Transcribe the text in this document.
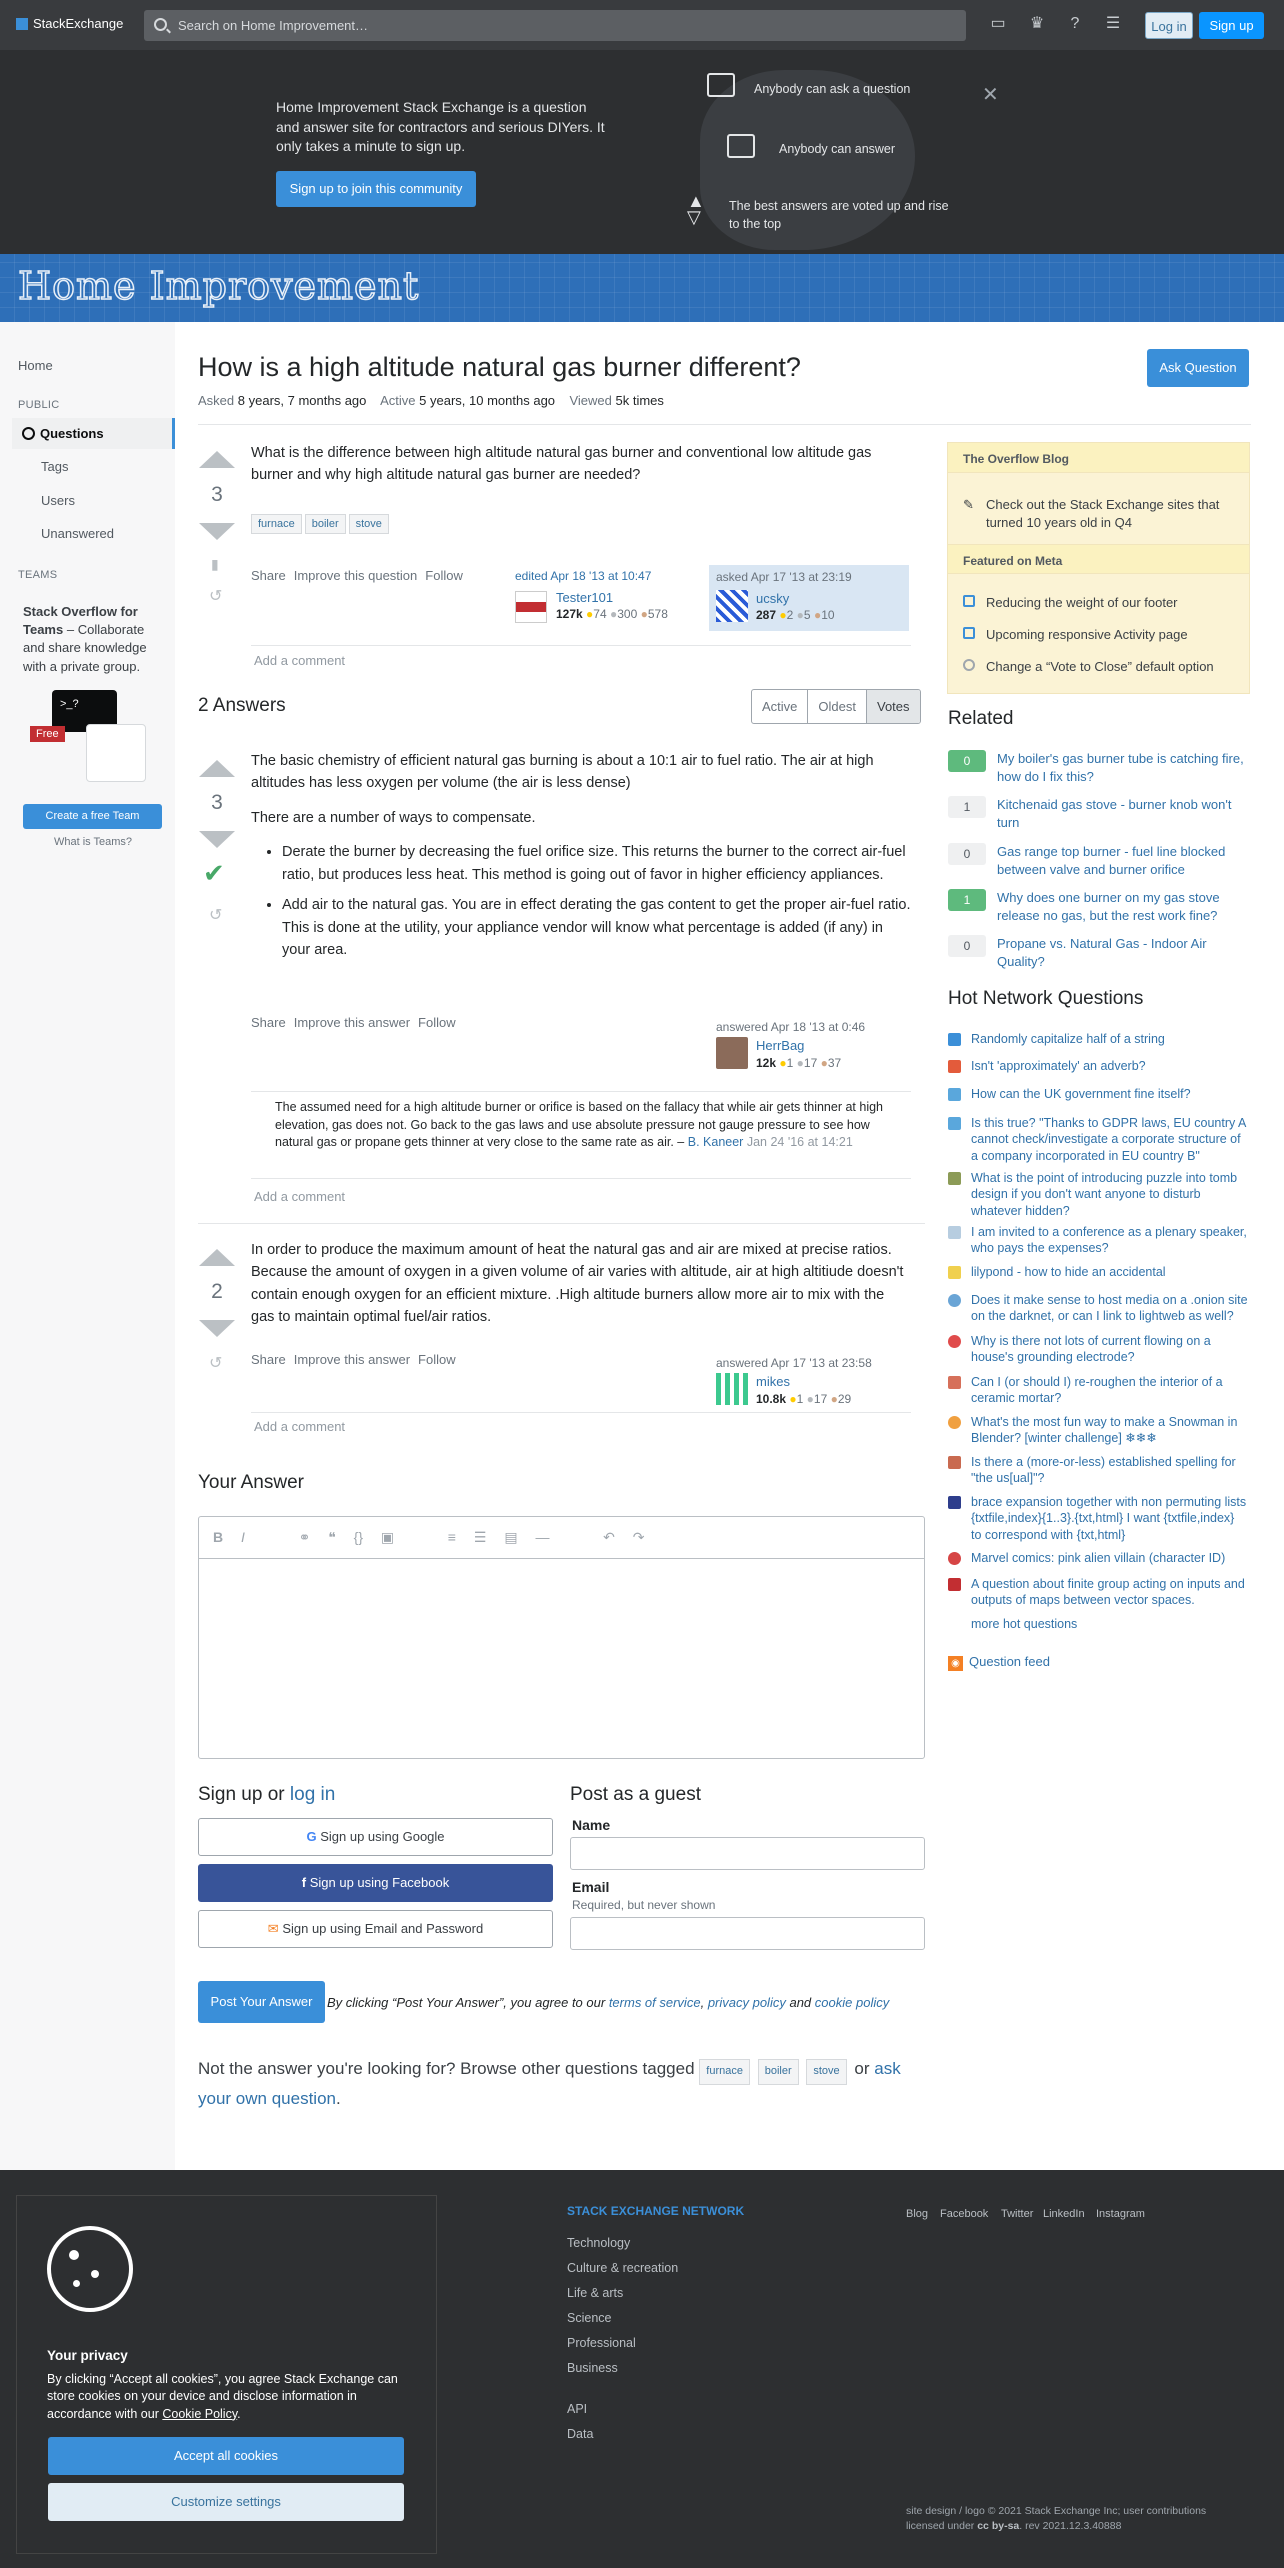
StackExchange	Search on Home Improvement…	▭ ♛	?	☰	Log in	Sign up
Home Improvement Stack Exchange is a question and answer site for contractors and serious DIYers. It only takes a minute to sign up.
Sign up to join this community
Anybody can ask a question
Anybody can answer
▲
▽
The best answers are voted up and rise to the top
✕
Home Improvement
Home
PUBLIC
Questions
Tags
Users
Unanswered
TEAMS
Stack Overflow for Teams – Collaborate and share knowledge with a private group.
>_?
Free
Create a free Team
What is Teams?
How is a high altitude natural gas burner different?	Ask Question
Asked 8 years, 7 months ago Active 5 years, 10 months ago Viewed 5k times
3
▮
↺
What is the difference between high altitude natural gas burner and conventional low altitude gas burner and why high altitude natural gas burner are needed?
furnace boiler stove
Share Improve this question Follow	edited Apr 18 '13 at 10:47
Tester101
127k ●74 ●300 ●578
asked Apr 17 '13 at 23:19
ucsky
287 ●2 ●5 ●10
Add a comment
2 Answers	Active	Oldest	Votes
3
✔
↺

The basic chemistry of efficient natural gas burning is about a 10:1 air to fuel ratio. The air at high altitudes has less oxygen per volume (the air is less dense)

There are a number of ways to compensate.

• Derate the burner by decreasing the fuel orifice size. This returns the burner to the correct air-fuel ratio, but produces less heat. This method is going out of favor in higher efficiency appliances.
• Add air to the natural gas. You are in effect derating the gas content to get the proper air-fuel ratio. This is done at the utility, your appliance vendor will know what percentage is added (if any) in your area.
Share Improve this answer Follow	answered Apr 18 '13 at 0:46
HerrBag
12k ●1 ●17 ●37
The assumed need for a high altitude burner or orifice is based on the fallacy that while air gets thinner at high elevation, gas does not. Go back to the gas laws and use absolute pressure not gauge pressure to see how natural gas or propane gets thinner at very close to the same rate as air. – B. Kaneer Jan 24 '16 at 14:21
Add a comment
2
↺
In order to produce the maximum amount of heat the natural gas and air are mixed at precise ratios. Because the amount of oxygen in a given volume of air varies with altitude, air at high altitiude doesn't contain enough oxygen for an efficient mixture. .High altitude burners allow more air to mix with the gas to maintain optimal fuel/air ratios.
Share Improve this answer Follow	answered Apr 17 '13 at 23:58
mikes
10.8k ●1 ●17 ●29
Add a comment
Your Answer
B I	⚭ ❝ {} ▣	≡ ☰ ▤ ―	↶ ↷
Sign up or log in
G Sign up using Google
f Sign up using Facebook
✉ Sign up using Email and Password
Post as a guest
Name
Email
Required, but never shown
Post Your Answer	By clicking “Post Your Answer”, you agree to our terms of service, privacy policy and cookie policy
Not the answer you're looking for? Browse other questions tagged furnace boiler stove or ask your own question.
The Overflow Blog
✎ Check out the Stack Exchange sites that turned 10 years old in Q4
Featured on Meta
Reducing the weight of our footer
Upcoming responsive Activity page
Change a “Vote to Close” default option
Related
0	My boiler's gas burner tube is catching fire, how do I fix this?
1	Kitchenaid gas stove - burner knob won't turn
0	Gas range top burner - fuel line blocked between valve and burner orifice
1	Why does one burner on my gas stove release no gas, but the rest work fine?
0	Propane vs. Natural Gas - Indoor Air Quality?
Hot Network Questions
Randomly capitalize half of a string
Isn't 'approximately' an adverb?
How can the UK government fine itself?
Is this true? "Thanks to GDPR laws, EU country A cannot check/investigate a corporate structure of a company incorporated in EU country B"
What is the point of introducing puzzle into tomb design if you don't want anyone to disturb whatever hidden?
I am invited to a conference as a plenary speaker, who pays the expenses?
lilypond - how to hide an accidental
Does it make sense to host media on a .onion site on the darknet, or can I link to lightweb as well?
Why is there not lots of current flowing on a house's grounding electrode?
Can I (or should I) re-roughen the interior of a ceramic mortar?
What's the most fun way to make a Snowman in Blender? [winter challenge] ❄❄❄
Is there a (more-or-less) established spelling for "the us[ual]"?
brace expansion together with non permuting lists {txtfile,index}{1..3}.{txt,html} I want {txtfile,index} to correspond with {txt,html}
Marvel comics: pink alien villain (character ID)
A question about finite group acting on inputs and outputs of maps between vector spaces.
more hot questions
◉ Question feed
STACK EXCHANGE NETWORK
Technology
Culture & recreation
Life & arts
Science
Professional
Business
API
Data
Blog Facebook Twitter LinkedIn Instagram
site design / logo © 2021 Stack Exchange Inc; user contributions
licensed under cc by-sa. rev 2021.12.3.40888
Your privacy
By clicking “Accept all cookies”, you agree Stack Exchange can store cookies on your device and disclose information in accordance with our Cookie Policy.
Accept all cookies
Customize settings
